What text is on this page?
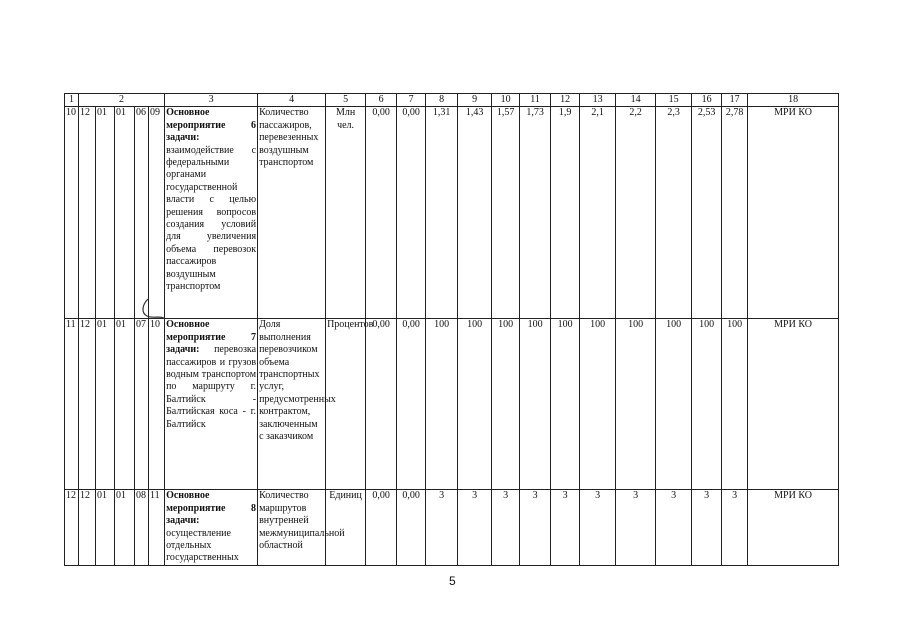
1	2					3	4	5	6	7	8	9	10	11	12	13	14	15	16	17	18
10	12	01	01	06	09	Основное мероприятие 6 задачи: взаимодействие с федеральными органами государственной власти с целью решения вопросов создания условий для увеличения объема перевозок пассажиров воздушным транспортом	Количество пассажиров, перевезенных воздушным транспортом	Млн чел.	0,00	0,00	1,31	1,43	1,57	1,73	1,9	2,1	2,2	2,3	2,53	2,78	МРИ КО
11	12	01	01	07	10	Основное мероприятие 7 задачи: перевозка пассажиров и грузов водным транспортом по маршруту г. Балтийск - Балтийская коса - г. Балтийск	Доля выполнения перевозчиком объема транспортных услуг, предусмотренных контрактом, заключенным с заказчиком	Процентов	0,00	0,00	100	100	100	100	100	100	100	100	100	100	МРИ КО
12	12	01	01	08	11	Основное мероприятие 8 задачи: осуществление отдельных государственных	Количество маршрутов внутренней межмуниципальной областной	Единиц	0,00	0,00	3	3	3	3	3	3	3	3	3	3	МРИ КО
5
